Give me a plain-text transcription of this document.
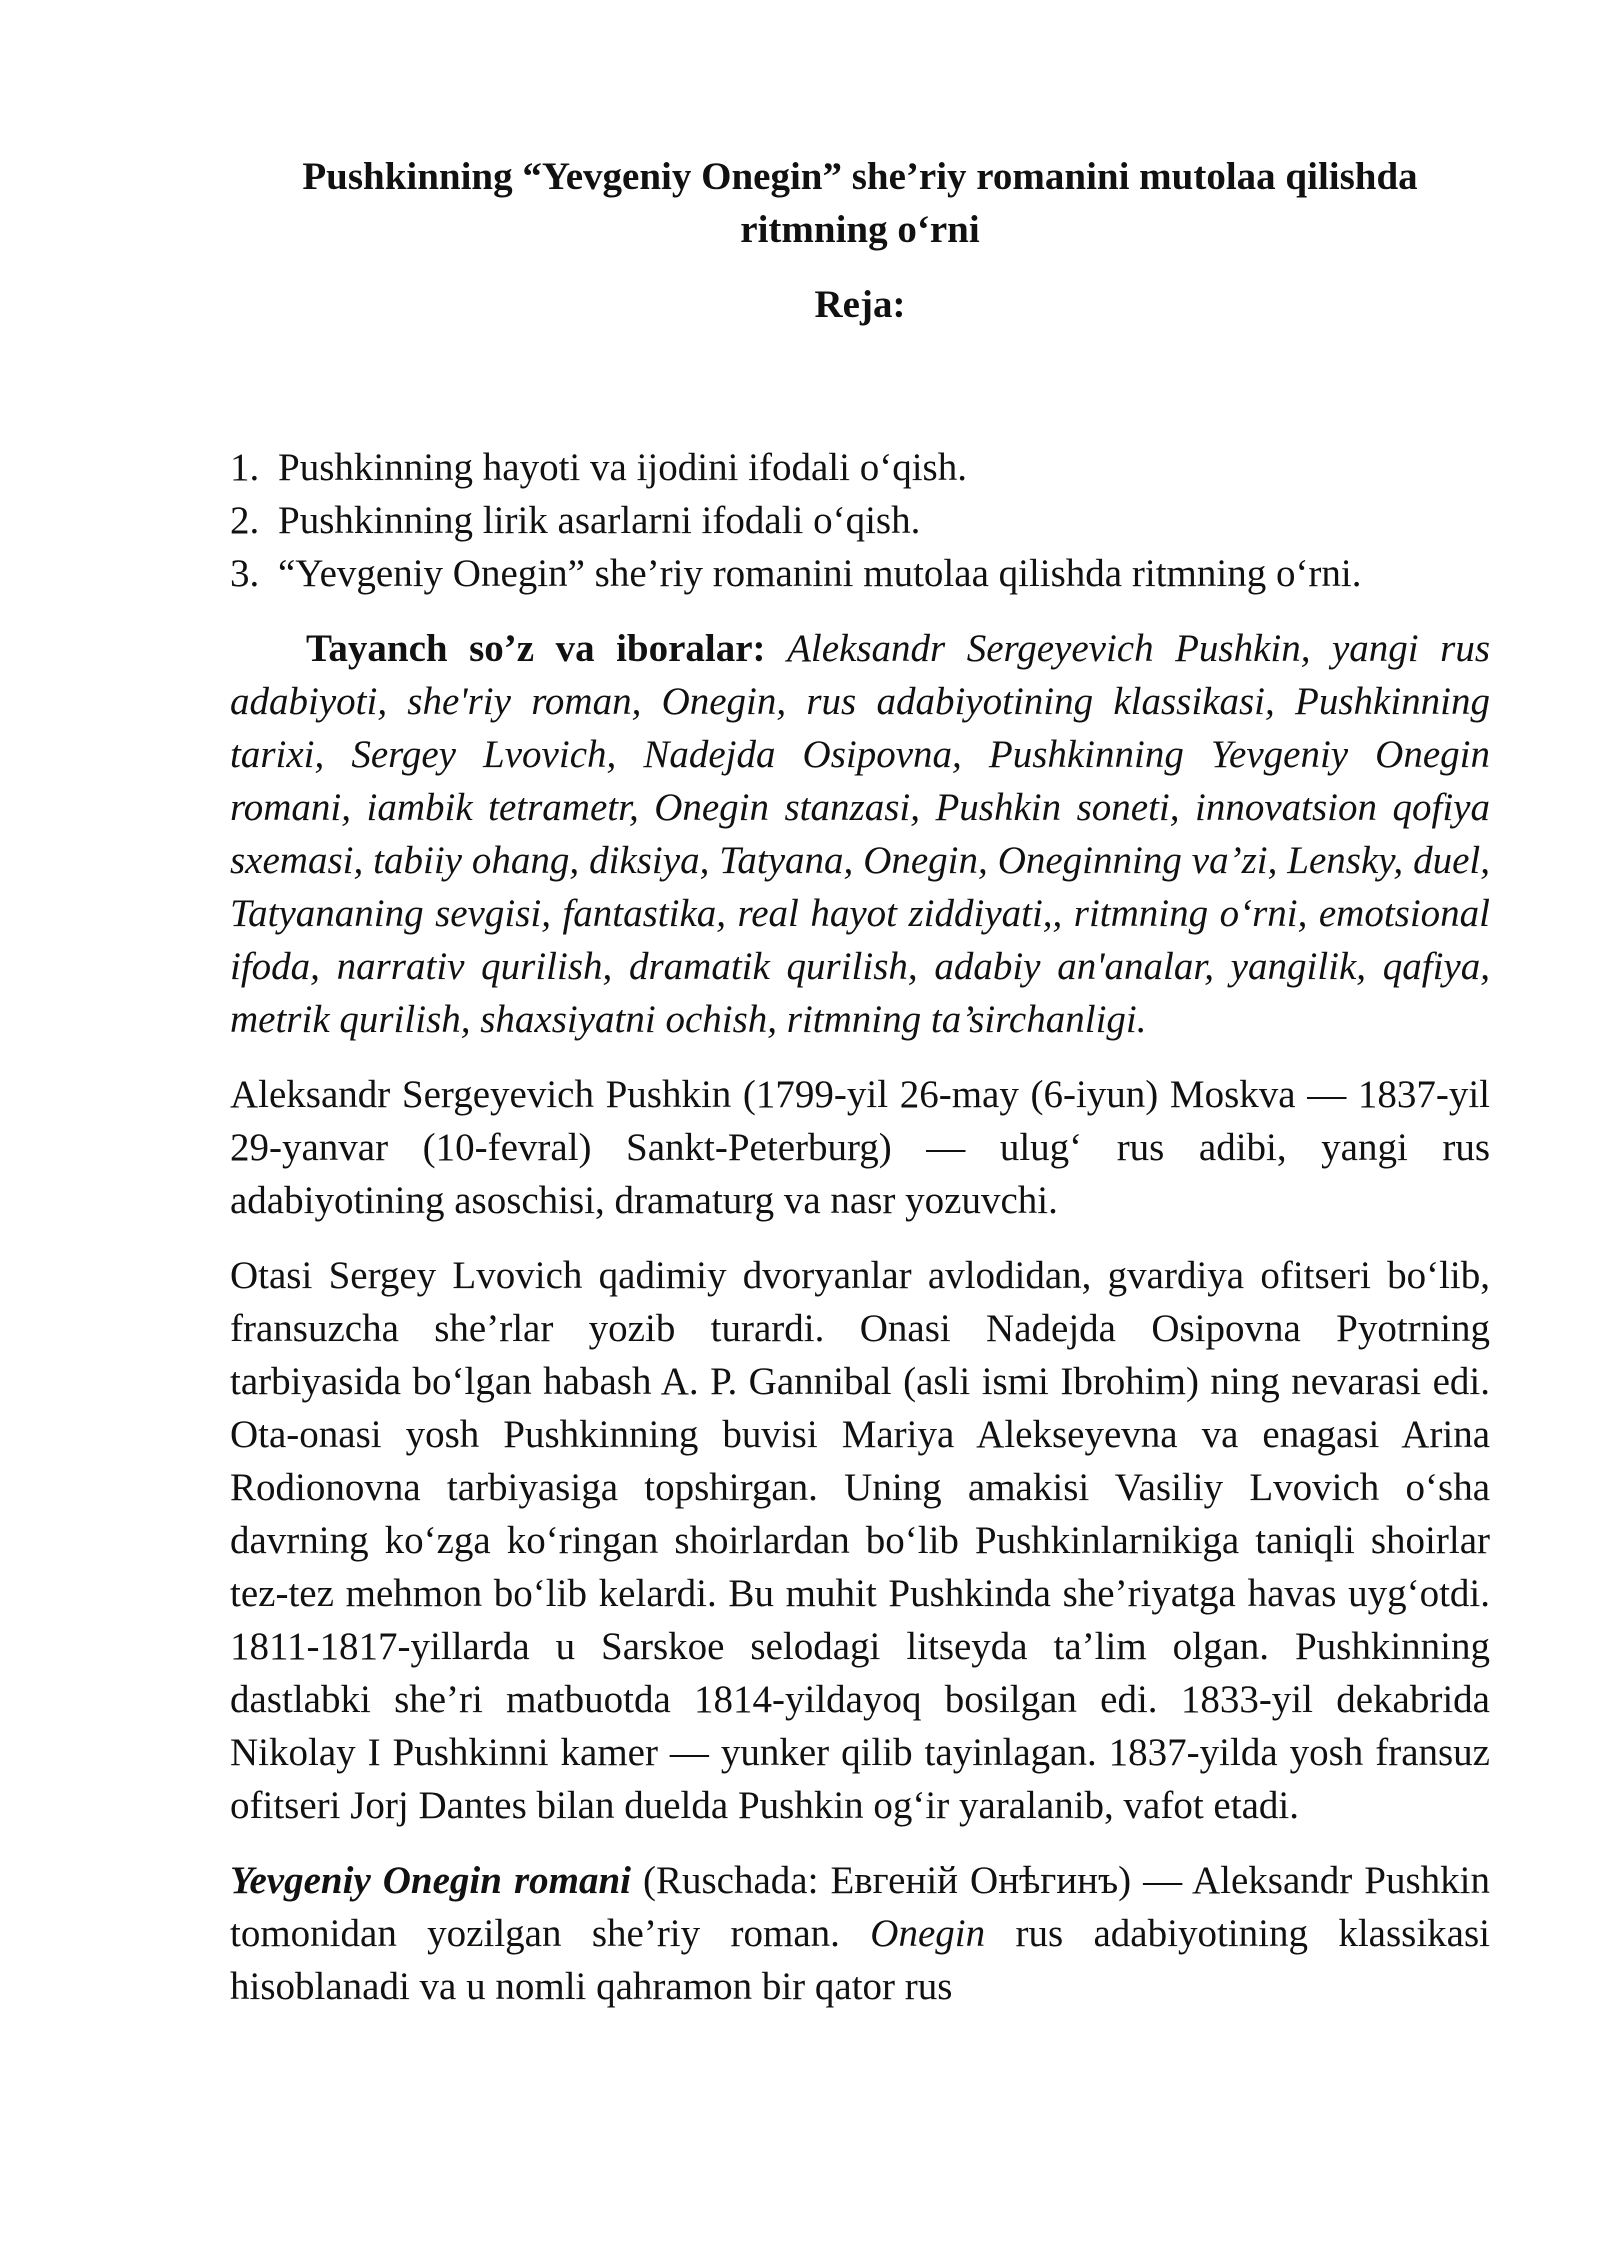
Pushkinning “Yevgeniy Onegin” she’riy romanini mutolaa qilishda
ritmning o‘rni
Reja:
1. Pushkinning hayoti va ijodini ifodali o‘qish.
2. Pushkinning lirik asarlarni ifodali o‘qish.
3. “Yevgeniy Onegin” she’riy romanini mutolaa qilishda ritmning o‘rni.

Tayanch so’z va iboralar: Aleksandr Sergeyevich Pushkin, yangi rus adabiyoti, she'riy roman, Onegin, rus adabiyotining klassikasi, Pushkinning tarixi, Sergey Lvovich, Nadejda Osipovna, Pushkinning Yevgeniy Onegin romani, iambik tetrametr, Onegin stanzasi, Pushkin soneti, innovatsion qofiya sxemasi, tabiiy ohang, diksiya, Tatyana, Onegin, Oneginning va’zi, Lensky, duel, Tatyananing sevgisi, fantastika, real hayot ziddiyati,, ritmning o‘rni, emotsional ifoda, narrativ qurilish, dramatik qurilish, adabiy an'analar, yangilik, qafiya, metrik qurilish, shaxsiyatni ochish, ritmning ta’sirchanligi.

Aleksandr Sergeyevich Pushkin (1799-yil 26-may (6-iyun) Moskva — 1837-yil 29-yanvar (10-fevral) Sankt-Peterburg) — ulug‘ rus adibi, yangi rus adabiyotining asoschisi, dramaturg va nasr yozuvchi.

Otasi Sergey Lvovich qadimiy dvoryanlar avlodidan, gvardiya ofitseri bo‘lib, fransuzcha she’rlar yozib turardi. Onasi Nadejda Osipovna Pyotrning tarbiyasida bo‘lgan habash A. P. Gannibal (asli ismi Ibrohim) ning nevarasi edi. Ota-onasi yosh Pushkinning buvisi Mariya Alekseyevna va enagasi Arina Rodionovna tarbiyasiga topshirgan. Uning amakisi Vasiliy Lvovich o‘sha davrning ko‘zga ko‘ringan shoirlardan bo‘lib Pushkinlarnikiga taniqli shoirlar tez-tez mehmon bo‘lib kelardi. Bu muhit Pushkinda she’riyatga havas uyg‘otdi. 1811-1817-yillarda u Sarskoe selodagi litseyda ta’lim olgan. Pushkinning dastlabki she’ri matbuotda 1814-yildayoq bosilgan edi. 1833-yil dekabrida Nikolay I Pushkinni kamer — yunker qilib tayinlagan. 1837-yilda yosh fransuz ofitseri Jorj Dantes bilan duelda Pushkin og‘ir yaralanib, vafot etadi.

Yevgeniy Onegin romani (Ruschada: Евгеній Онѣгинъ) — Aleksandr Pushkin tomonidan yozilgan she’riy roman. Onegin rus adabiyotining klassikasi hisoblanadi va u nomli qahramon bir qator rus
